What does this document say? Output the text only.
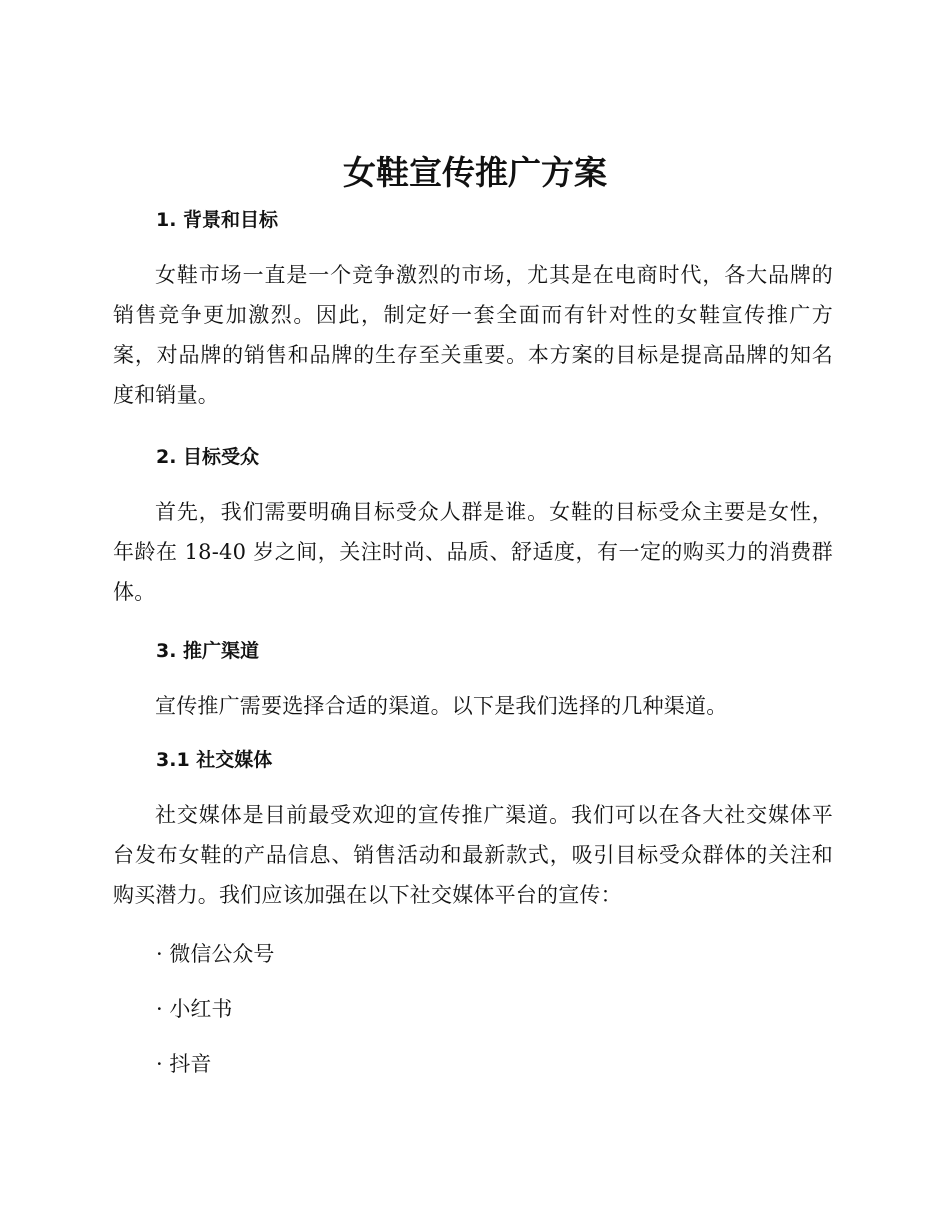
女鞋宣传推广方案
1. 背景和目标

女鞋市场一直是一个竞争激烈的市场，尤其是在电商时代，各大品牌的销售竞争更加激烈。因此，制定好一套全面而有针对性的女鞋宣传推广方案，对品牌的销售和品牌的生存至关重要。本方案的目标是提高品牌的知名度和销量。

2. 目标受众

首先，我们需要明确目标受众人群是谁。女鞋的目标受众主要是女性，年龄在 18-40 岁之间，关注时尚、品质、舒适度，有一定的购买力的消费群体。

3. 推广渠道

宣传推广需要选择合适的渠道。以下是我们选择的几种渠道。

3.1 社交媒体

社交媒体是目前最受欢迎的宣传推广渠道。我们可以在各大社交媒体平台发布女鞋的产品信息、销售活动和最新款式，吸引目标受众群体的关注和购买潜力。我们应该加强在以下社交媒体平台的宣传：

· 微信公众号
· 小红书
· 抖音
